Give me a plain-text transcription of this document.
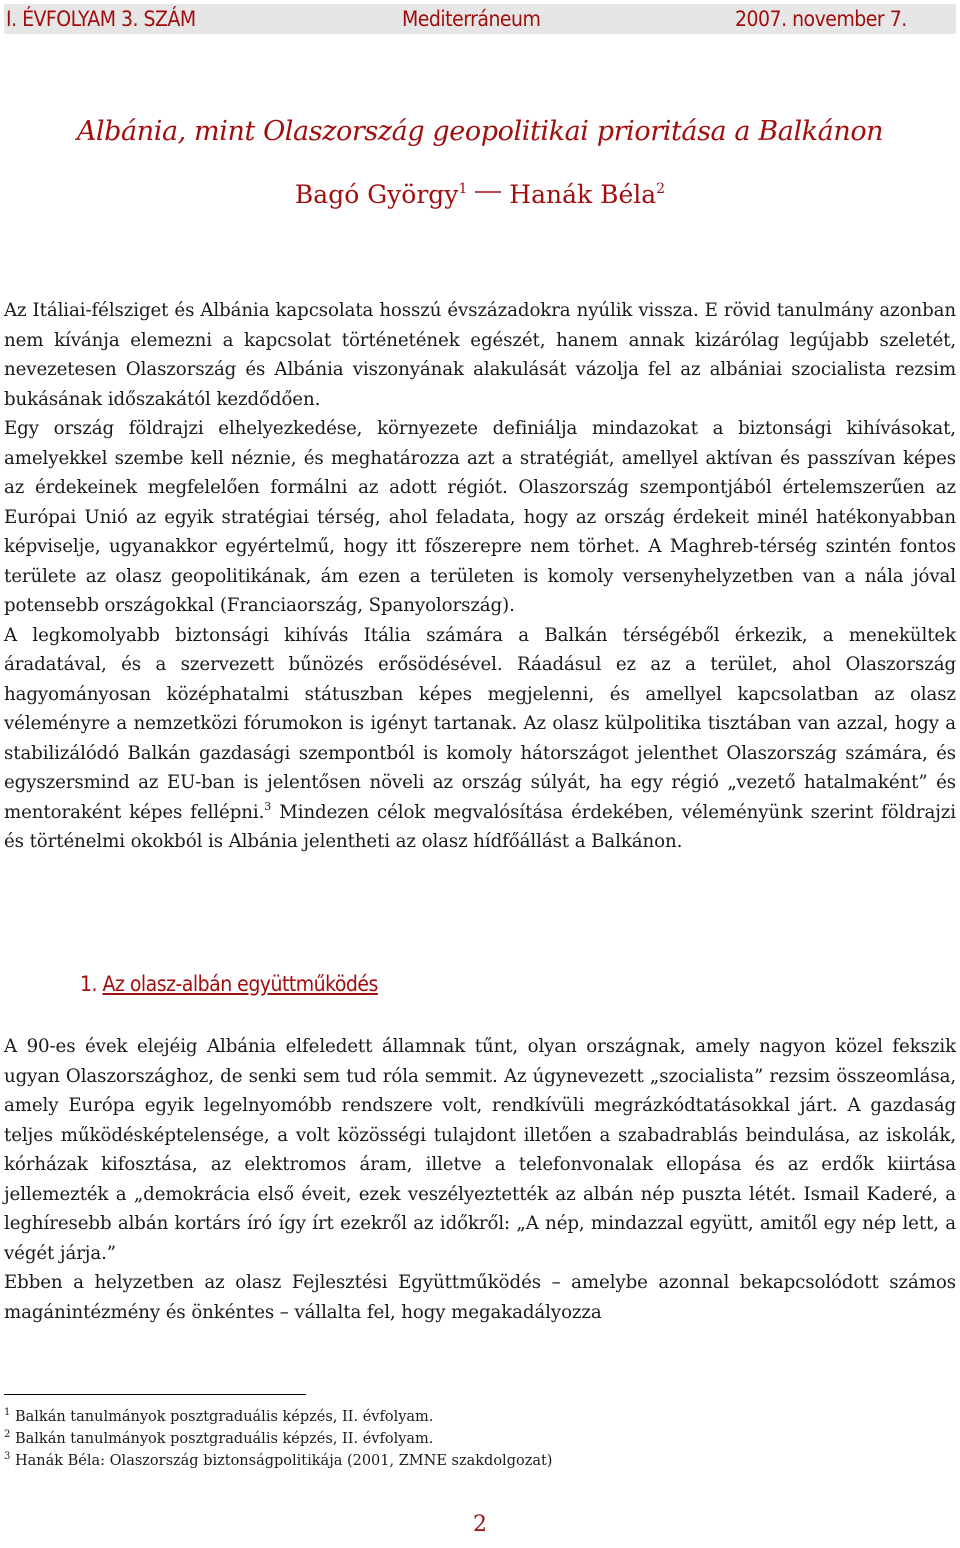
I. ÉVFOLYAM 3. SZÁM	Mediterráneum	2007. november 7.
Albánia, mint Olaszország geopolitikai prioritása a Balkánon
Bagó György$^1$ Hanák Béla$^2$

Az Itáliai-félsziget és Albánia kapcsolata hosszú évszázadokra nyúlik vissza. E rövid tanulmány azonban nem kívánja elemezni a kapcsolat történetének egészét, hanem annak kizárólag legújabb szeletét, nevezetesen Olaszország és Albánia viszonyának alakulását vázolja fel az albániai szocialista rezsim bukásának időszakától kezdődően.

Egy ország földrajzi elhelyezkedése, környezete definiálja mindazokat a biztonsági kihívásokat, amelyekkel szembe kell néznie, és meghatározza azt a stratégiát, amellyel aktívan és passzívan képes az érdekeinek megfelelően formálni az adott régiót. Olaszország szempontjából értelemszerűen az Európai Unió az egyik stratégiai térség, ahol feladata, hogy az ország érdekeit minél hatékonyabban képviselje, ugyanakkor egyértelmű, hogy itt főszerepre nem törhet. A Maghreb-térség szintén fontos területe az olasz geopolitikának, ám ezen a területen is komoly versenyhelyzetben van a nála jóval potensebb országokkal (Franciaország, Spanyolország).

A legkomolyabb biztonsági kihívás Itália számára a Balkán térségéből érkezik, a menekültek áradatával, és a szervezett bűnözés erősödésével. Ráadásul ez az a terület, ahol Olaszország hagyományosan középhatalmi státuszban képes megjelenni, és amellyel kapcsolatban az olasz véleményre a nemzetközi fórumokon is igényt tartanak. Az olasz külpolitika tisztában van azzal, hogy a stabilizálódó Balkán gazdasági szempontból is komoly hátországot jelenthet Olaszország számára, és egyszersmind az EU-ban is jelentősen növeli az ország súlyát, ha egy régió „vezető hatalmaként” és mentoraként képes fellépni.$^3$ Mindezen célok megvalósítása érdekében, véleményünk szerint földrajzi és történelmi okokból is Albánia jelentheti az olasz hídfőállást a Balkánon.

1. Az olasz-albán együttműködés

A 90-es évek elejéig Albánia elfeledett államnak tűnt, olyan országnak, amely nagyon közel fekszik ugyan Olaszországhoz, de senki sem tud róla semmit. Az úgynevezett „szocialista” rezsim összeomlása, amely Európa egyik legelnyomóbb rendszere volt, rendkívüli megrázkódtatásokkal járt. A gazdaság teljes működésképtelensége, a volt közösségi tulajdont illetően a szabadrablás beindulása, az iskolák, kórházak kifosztása, az elektromos áram, illetve a telefonvonalak ellopása és az erdők kiirtása jellemezték a „demokrácia első éveit, ezek veszélyeztették az albán nép puszta létét. Ismail Kaderé, a leghíresebb albán kortárs író így írt ezekről az időkről: „A nép, mindazzal együtt, amitől egy nép lett, a végét járja.”

Ebben a helyzetben az olasz Fejlesztési Együttműködés – amelybe azonnal bekapcsolódott számos magánintézmény és önkéntes – vállalta fel, hogy megakadályozza

$^1$ Balkán tanulmányok posztgraduális képzés, II. évfolyam.
$^2$ Balkán tanulmányok posztgraduális képzés, II. évfolyam.
$^3$ Hanák Béla: Olaszország biztonságpolitikája (2001, ZMNE szakdolgozat)
2
